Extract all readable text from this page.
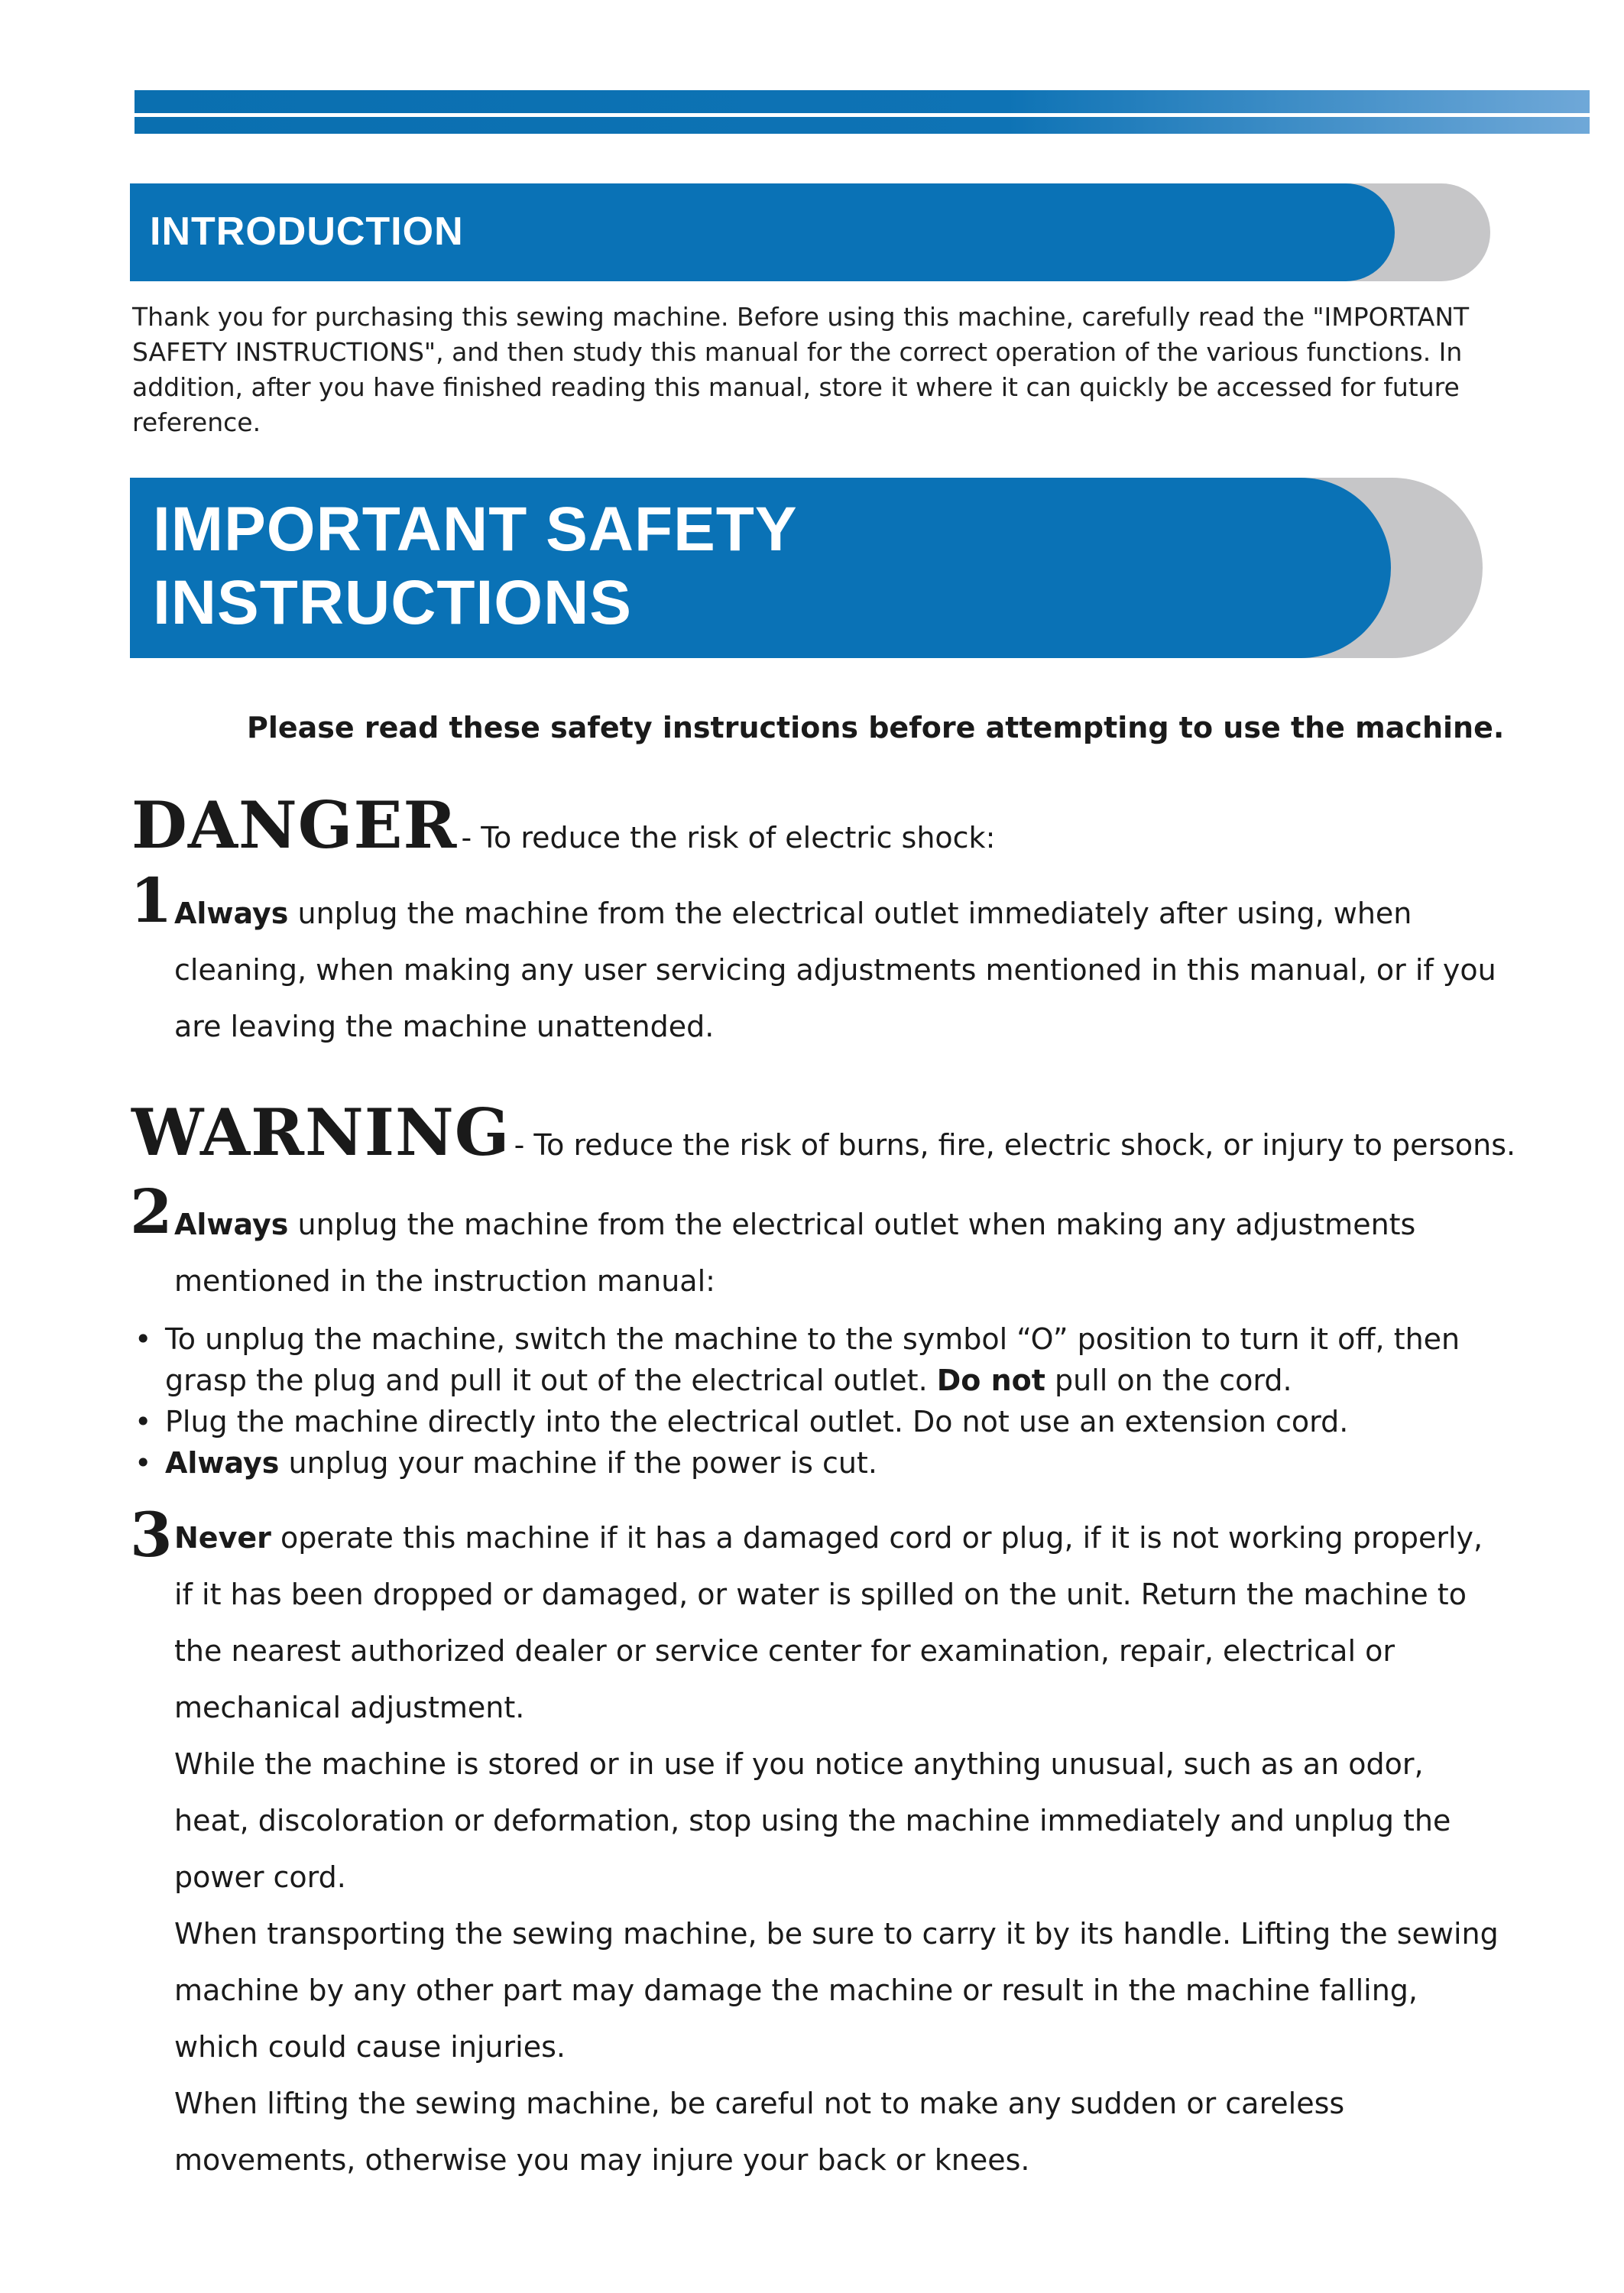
INTRODUCTION

Thank you for purchasing this sewing machine. Before using this machine, carefully read the "IMPORTANT SAFETY INSTRUCTIONS", and then study this manual for the correct operation of the various functions. In addition, after you have finished reading this manual, store it where it can quickly be accessed for future reference.

IMPORTANT SAFETY
INSTRUCTIONS

Please read these safety instructions before attempting to use the machine.

DANGER - To reduce the risk of electric shock:

1 Always unplug the machine from the electrical outlet immediately after using, when cleaning, when making any user servicing adjustments mentioned in this manual, or if you are leaving the machine unattended.

WARNING - To reduce the risk of burns, fire, electric shock, or injury to persons.

2 Always unplug the machine from the electrical outlet when making any adjustments mentioned in the instruction manual:

• To unplug the machine, switch the machine to the symbol “O” position to turn it off, then grasp the plug and pull it out of the electrical outlet. Do not pull on the cord.
• Plug the machine directly into the electrical outlet. Do not use an extension cord.
• Always unplug your machine if the power is cut.

3 Never operate this machine if it has a damaged cord or plug, if it is not working properly, if it has been dropped or damaged, or water is spilled on the unit. Return the machine to the nearest authorized dealer or service center for examination, repair, electrical or mechanical adjustment.
While the machine is stored or in use if you notice anything unusual, such as an odor, heat, discoloration or deformation, stop using the machine immediately and unplug the power cord.
When transporting the sewing machine, be sure to carry it by its handle. Lifting the sewing machine by any other part may damage the machine or result in the machine falling, which could cause injuries.
When lifting the sewing machine, be careful not to make any sudden or careless movements, otherwise you may injure your back or knees.
